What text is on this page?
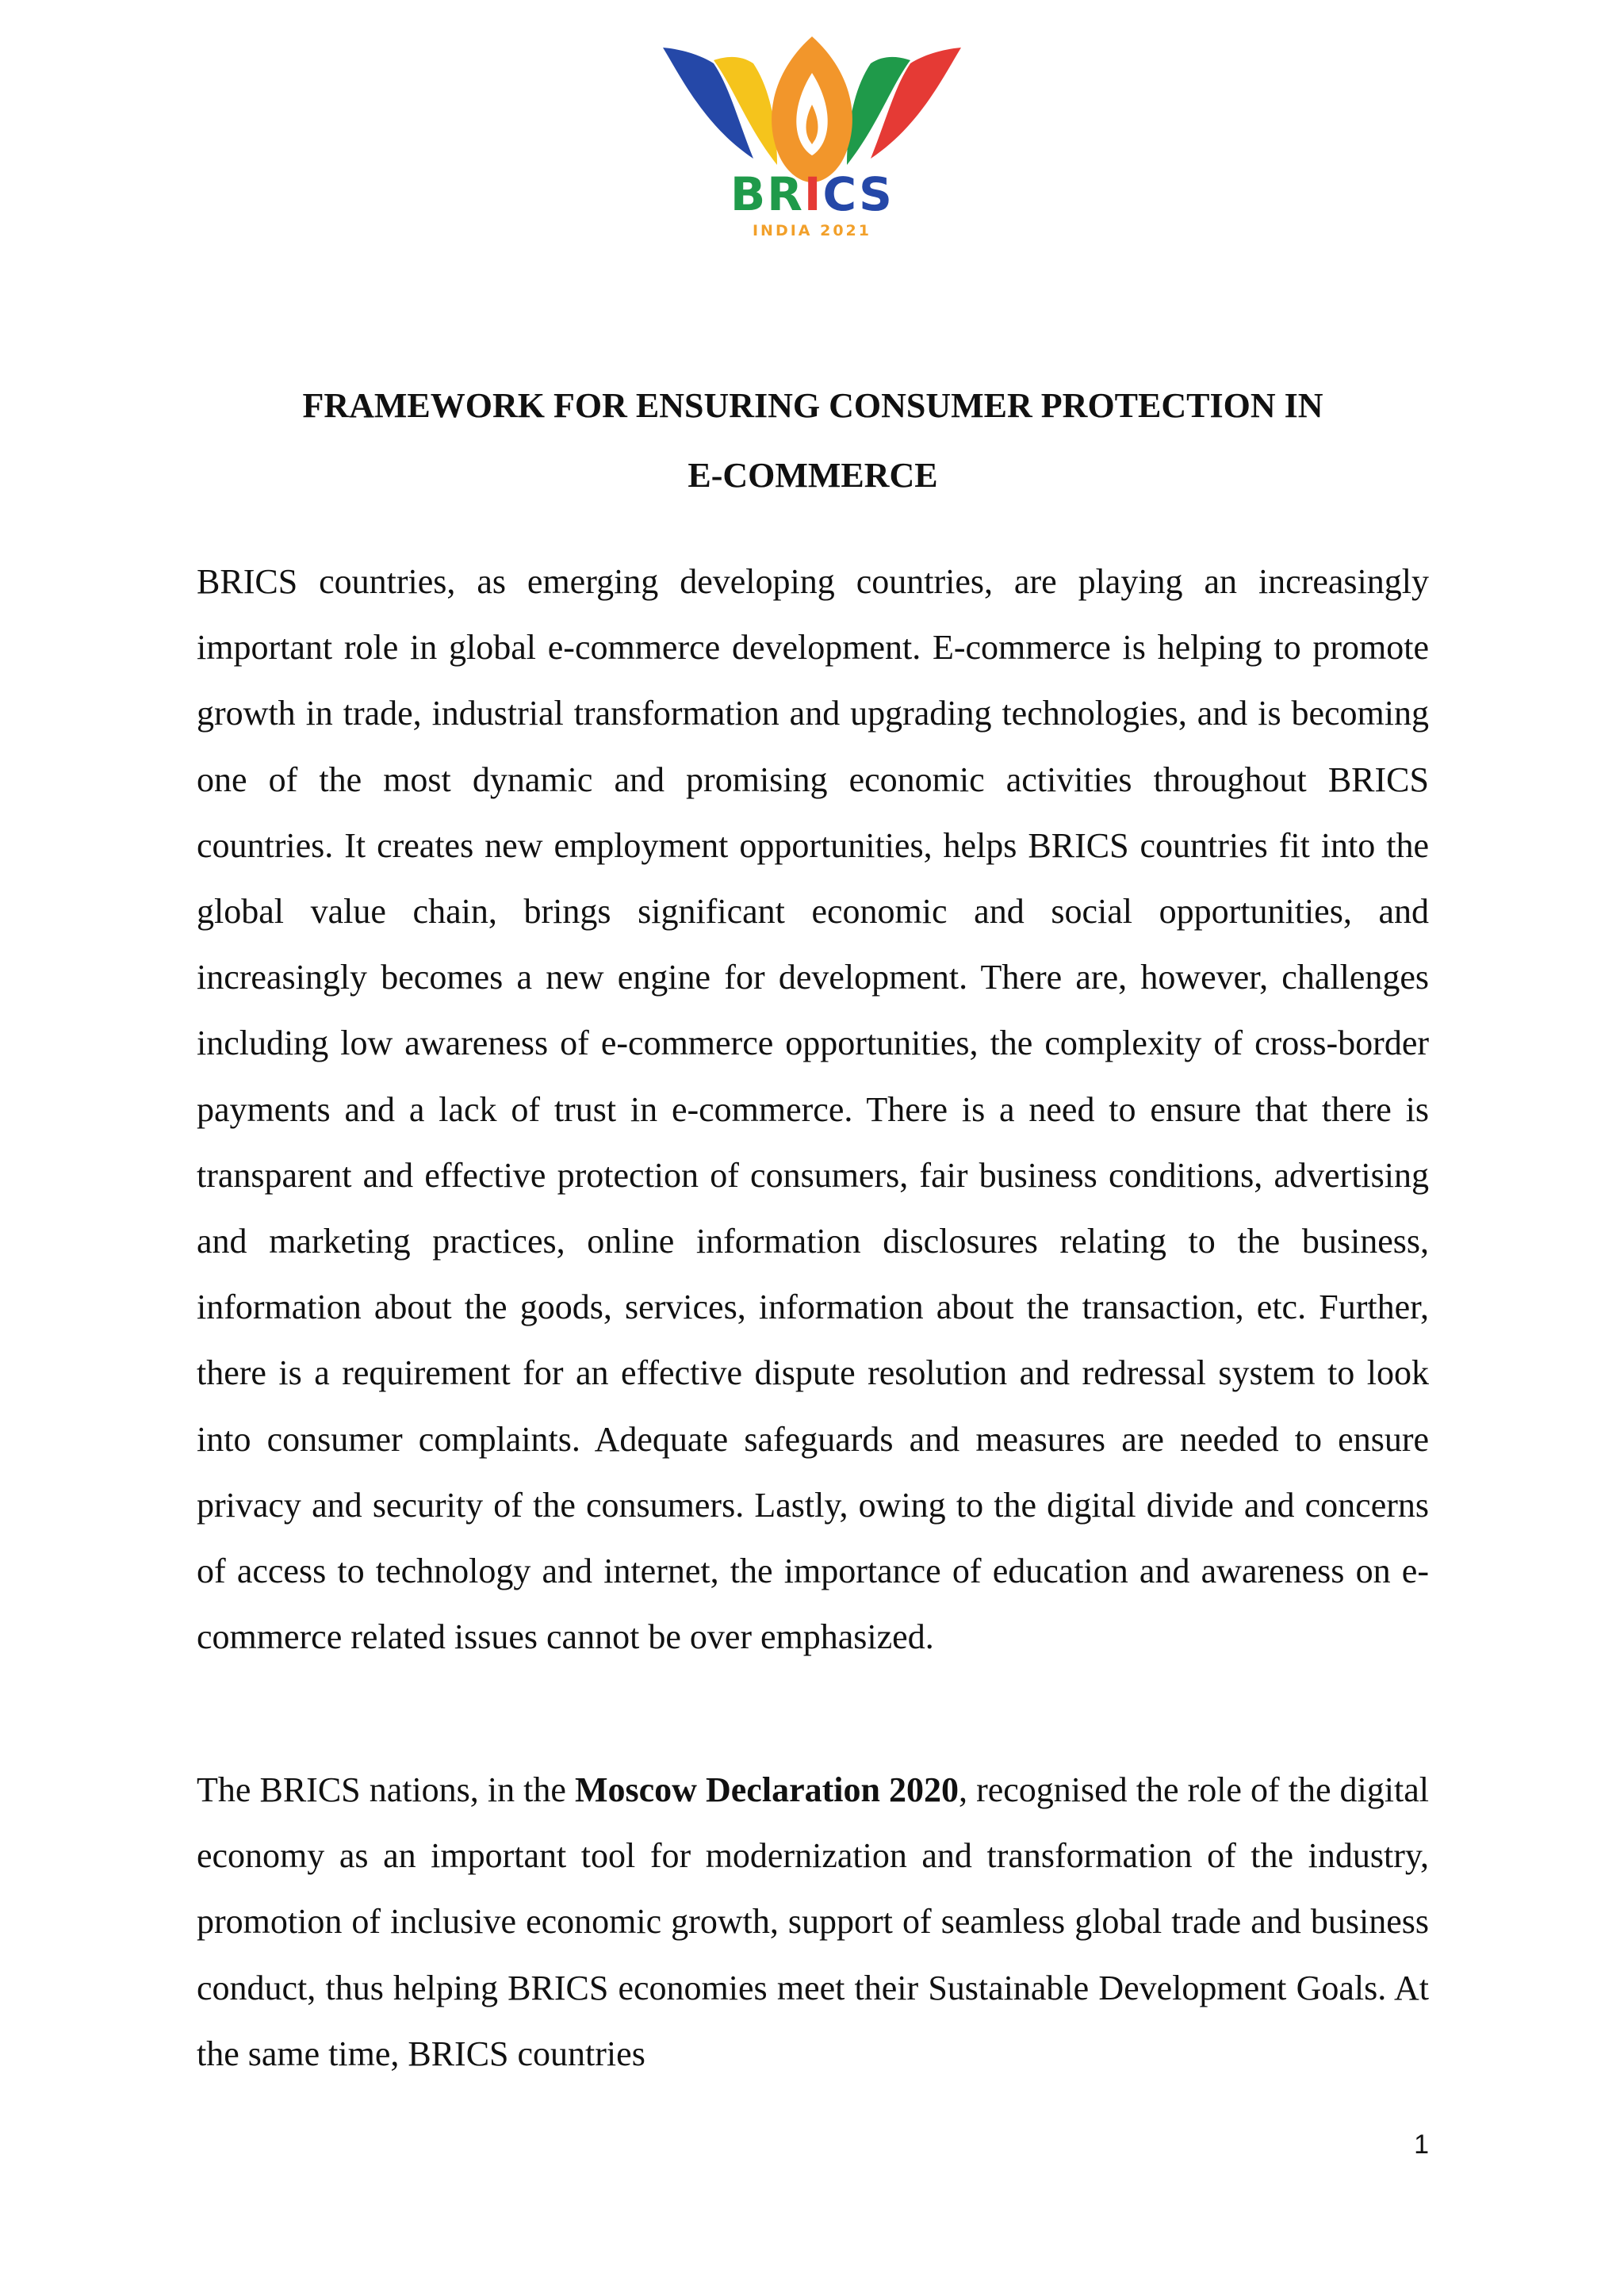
BRICS
INDIA 2021
FRAMEWORK FOR ENSURING CONSUMER PROTECTION IN
E-COMMERCE

BRICS countries, as emerging developing countries, are playing an increasingly important role in global e-commerce development. E-commerce is helping to promote growth in trade, industrial transformation and upgrading technologies, and is becoming one of the most dynamic and promising economic activities throughout BRICS countries. It creates new employment opportunities, helps BRICS countries fit into the global value chain, brings significant economic and social opportunities, and increasingly becomes a new engine for development. There are, however, challenges including low awareness of e-commerce opportunities, the complexity of cross-border payments and a lack of trust in e-commerce. There is a need to ensure that there is transparent and effective protection of consumers, fair business conditions, advertising and marketing practices, online information disclosures relating to the business, information about the goods, services, information about the transaction, etc. Further, there is a requirement for an effective dispute resolution and redressal system to look into consumer complaints. Adequate safeguards and measures are needed to ensure privacy and security of the consumers. Lastly, owing to the digital divide and concerns of access to technology and internet, the importance of education and awareness on e-commerce related issues cannot be over emphasized.

The BRICS nations, in the Moscow Declaration 2020, recognised the role of the digital economy as an important tool for modernization and transformation of the industry, promotion of inclusive economic growth, support of seamless global trade and business conduct, thus helping BRICS economies meet their Sustainable Development Goals. At the same time, BRICS countries

1
